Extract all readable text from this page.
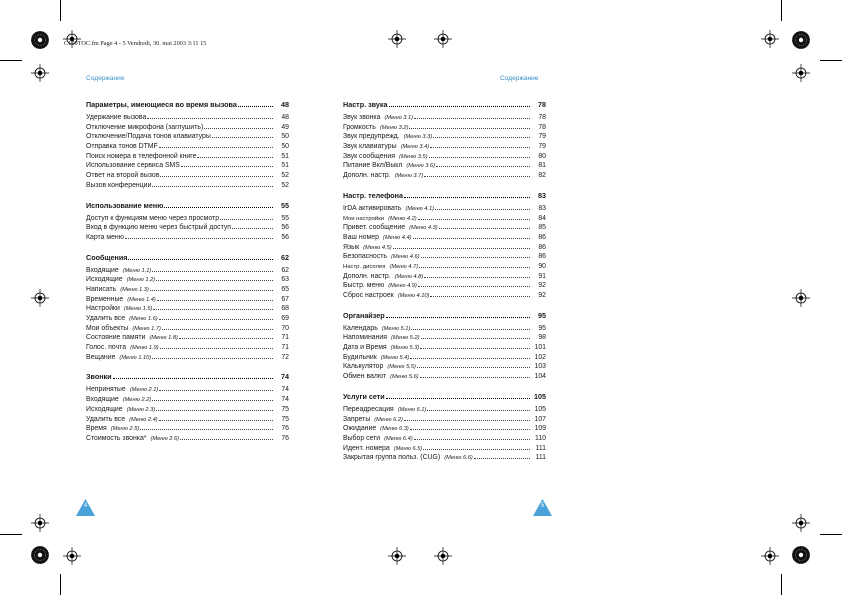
C100TOC.fm Page 4 - 5 Vendredi, 30. mai 2003 3:11 15
Содержание	Содержание
Параметры, имеющиеся во время вызова	48
Удержание вызова	48
Отключение микрофона (заглушить)	49
Отключение/Подача тонов клавиатуры	50
Отправка тонов DTMF	50
Поиск номера в телефонной книге	51
Использование сервиса SMS	51
Ответ на второй вызов	52
Вызов конференции	52
Использование меню	55
Доступ к функциям меню через просмотр	55
Вход в функцию меню через быстрый доступ	56
Карта меню	56
Сообщения	62
Входящие (Меню 1.1)	62
Исходящие (Меню 1.2)	63
Написать (Меню 1.3)	65
Временные (Меню 1.4)	67
Настройки (Меню 1.5)	68
Удалить все (Меню 1.6)	69
Мои объекты (Меню 1.7)	70
Состояние памяти (Меню 1.8)	71
Голос. почта (Меню 1.9)	71
Вещание (Меню 1.10)	72
Звонки	74
Непринятые (Меню 2.1)	74
Входящие (Меню 2.2)	74
Исходящие (Меню 2.3)	75
Удалить все (Меню 2.4)	75
Время (Меню 2.5)	76
Стоимость звонка* (Меню 2.6)	76
Настр. звука	78
Звук звонка (Меню 3.1)	78
Громкость (Меню 3.2)	78
Звук предупрежд. (Меню 3.3)	79
Звук клавиатуры (Меню 3.4)	79
Звук сообщения (Меню 3.5)	80
Питание Вкл/Выкл (Меню 3.6)	81
Дополн. настр. (Меню 3.7)	82
Настр. телефона	83
IrDA активировать (Меню 4.1)	83
Мои настройки (Меню 4.2)	84
Привет. сообщение (Меню 4.3)	85
Ваш номер (Меню 4.4)	86
Язык (Меню 4.5)	86
Безопасность (Меню 4.6)	86
Настр. дисплея (Меню 4.7)	90
Дополн. настр. (Меню 4.8)	91
Быстр. меню (Меню 4.9)	92
Сброс настроек (Меню 4.10)	92
Органайзер	95
Календарь (Меню 5.1)	95
Напоминания (Меню 5.2)	98
Дата и Время (Меню 5.3)	101
Будильник (Меню 5.4)	102
Калькулятор (Меню 5.5)	103
Обмен валют (Меню 5.6)	104
Услуги сети	105
Переадресация (Меню 6.1)	105
Запреты (Меню 6.2)	107
Ожидание (Меню 6.3)	109
Выбор сети (Меню 6.4)	110
Идент. номера (Меню 6.5)	111
Закрытая группа польз. (CUG) (Меню 6.6)	111
4	5
